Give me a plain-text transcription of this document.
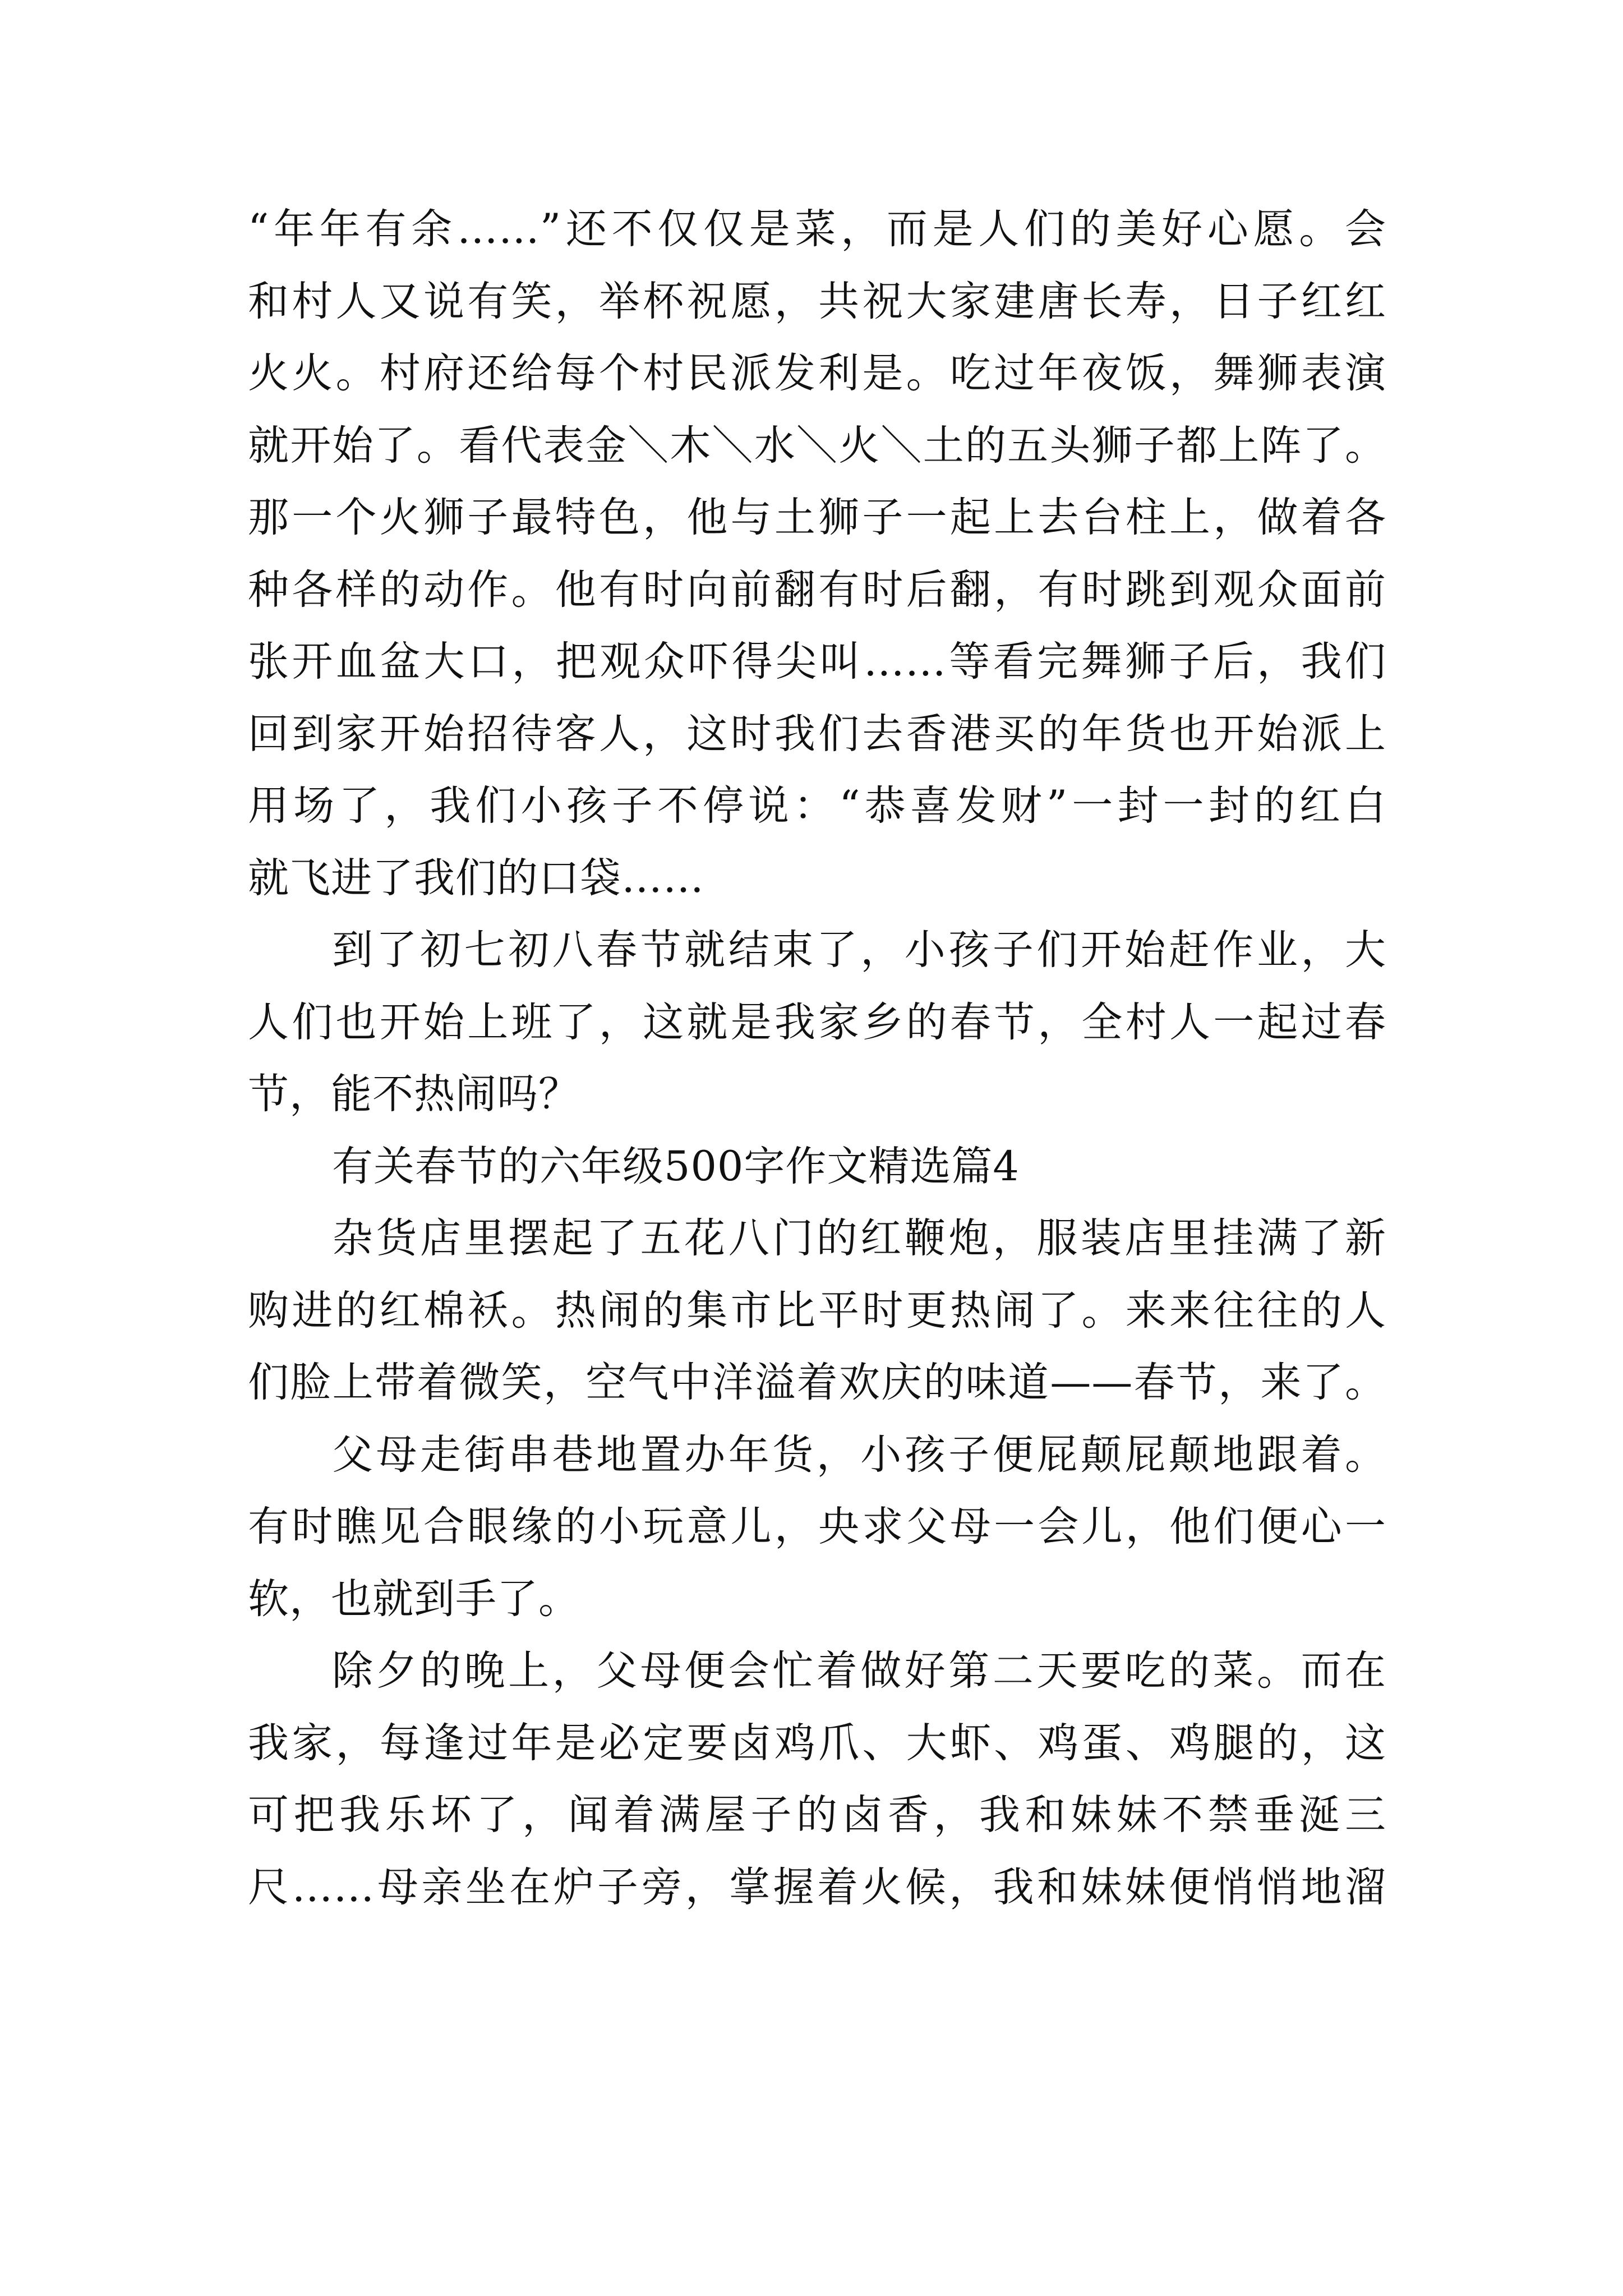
“年年有余……”还不仅仅是菜，而是人们的美好心愿。会
和村人又说有笑，举杯祝愿，共祝大家建唐长寿，日子红红
火火。村府还给每个村民派发利是。吃过年夜饭，舞狮表演
就开始了。看代表金＼木＼水＼火＼土的五头狮子都上阵了。
那一个火狮子最特色，他与土狮子一起上去台柱上，做着各
种各样的动作。他有时向前翻有时后翻，有时跳到观众面前
张开血盆大口，把观众吓得尖叫……等看完舞狮子后，我们
回到家开始招待客人，这时我们去香港买的年货也开始派上
用场了，我们小孩子不停说：“恭喜发财”一封一封的红白
就飞进了我们的口袋……
到了初七初八春节就结束了，小孩子们开始赶作业，大
人们也开始上班了，这就是我家乡的春节，全村人一起过春
节，能不热闹吗？
有关春节的六年级500字作文精选篇4
杂货店里摆起了五花八门的红鞭炮，服装店里挂满了新
购进的红棉袄。热闹的集市比平时更热闹了。来来往往的人
们脸上带着微笑，空气中洋溢着欢庆的味道——春节，来了。
父母走街串巷地置办年货，小孩子便屁颠屁颠地跟着。
有时瞧见合眼缘的小玩意儿，央求父母一会儿，他们便心一
软，也就到手了。
除夕的晚上，父母便会忙着做好第二天要吃的菜。而在
我家，每逢过年是必定要卤鸡爪、大虾、鸡蛋、鸡腿的，这
可把我乐坏了，闻着满屋子的卤香，我和妹妹不禁垂涎三
尺……母亲坐在炉子旁，掌握着火候，我和妹妹便悄悄地溜
